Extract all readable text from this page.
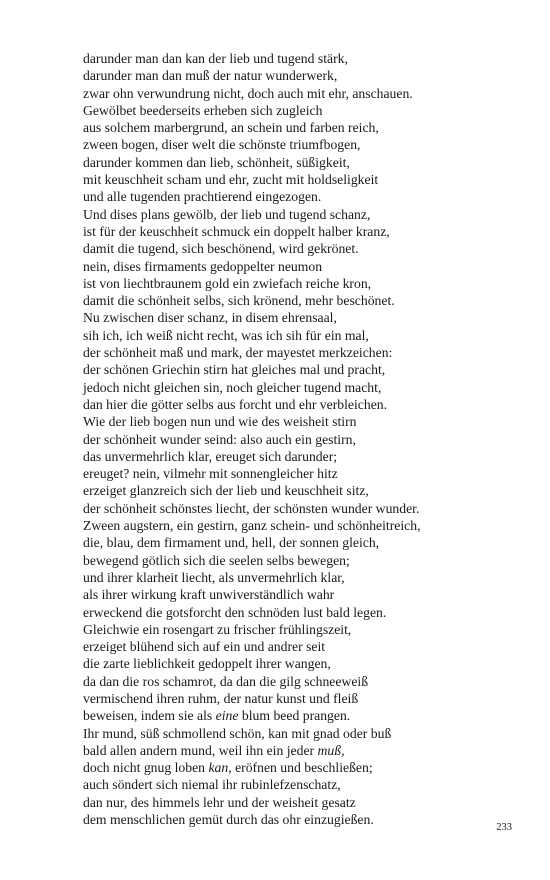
darunder man dan kan der lieb und tugend stärk,
darunder man dan muß der natur wunderwerk,
zwar ohn verwundrung nicht, doch auch mit ehr, anschauen.
Gewölbet beederseits erheben sich zugleich
aus solchem marbergrund, an schein und farben reich,
zween bogen, diser welt die schönste triumfbogen,
darunder kommen dan lieb, schönheit, süßigkeit,
mit keuschheit scham und ehr, zucht mit holdseligkeit
und alle tugenden prachtierend eingezogen.
Und dises plans gewölb, der lieb und tugend schanz,
ist für der keuschheit schmuck ein doppelt halber kranz,
damit die tugend, sich beschönend, wird gekrönet.
nein, dises firmaments gedoppelter neumon
ist von liechtbraunem gold ein zwiefach reiche kron,
damit die schönheit selbs, sich krönend, mehr beschönet.
Nu zwischen diser schanz, in disem ehrensaal,
sih ich, ich weiß nicht recht, was ich sih für ein mal,
der schönheit maß und mark, der mayestet merkzeichen:
der schönen Griechin stirn hat gleiches mal und pracht,
jedoch nicht gleichen sin, noch gleicher tugend macht,
dan hier die götter selbs aus forcht und ehr verbleichen.
Wie der lieb bogen nun und wie des weisheit stirn
der schönheit wunder seind: also auch ein gestirn,
das unvermehrlich klar, ereuget sich darunder;
ereuget? nein, vilmehr mit sonnengleicher hitz
erzeiget glanzreich sich der lieb und keuschheit sitz,
der schönheit schönstes liecht, der schönsten wunder wunder.
Zween augstern, ein gestirn, ganz schein- und schönheitreich,
die, blau, dem firmament und, hell, der sonnen gleich,
bewegend götlich sich die seelen selbs bewegen;
und ihrer klarheit liecht, als unvermehrlich klar,
als ihrer wirkung kraft unwiverständlich wahr
erweckend die gotsforcht den schnöden lust bald legen.
Gleichwie ein rosengart zu frischer frühlingszeit,
erzeiget blühend sich auf ein und andrer seit
die zarte lieblichkeit gedoppelt ihrer wangen,
da dan die ros schamrot, da dan die gilg schneeweiß
vermischend ihren ruhm, der natur kunst und fleiß
beweisen, indem sie als eine blum beed prangen.
Ihr mund, süß schmollend schön, kan mit gnad oder buß
bald allen andern mund, weil ihn ein jeder muß,
doch nicht gnug loben kan, eröfnen und beschließen;
auch söndert sich niemal ihr rubinlefzenschatz,
dan nur, des himmels lehr und der weisheit gesatz
dem menschlichen gemüt durch das ohr einzugießen.
233
